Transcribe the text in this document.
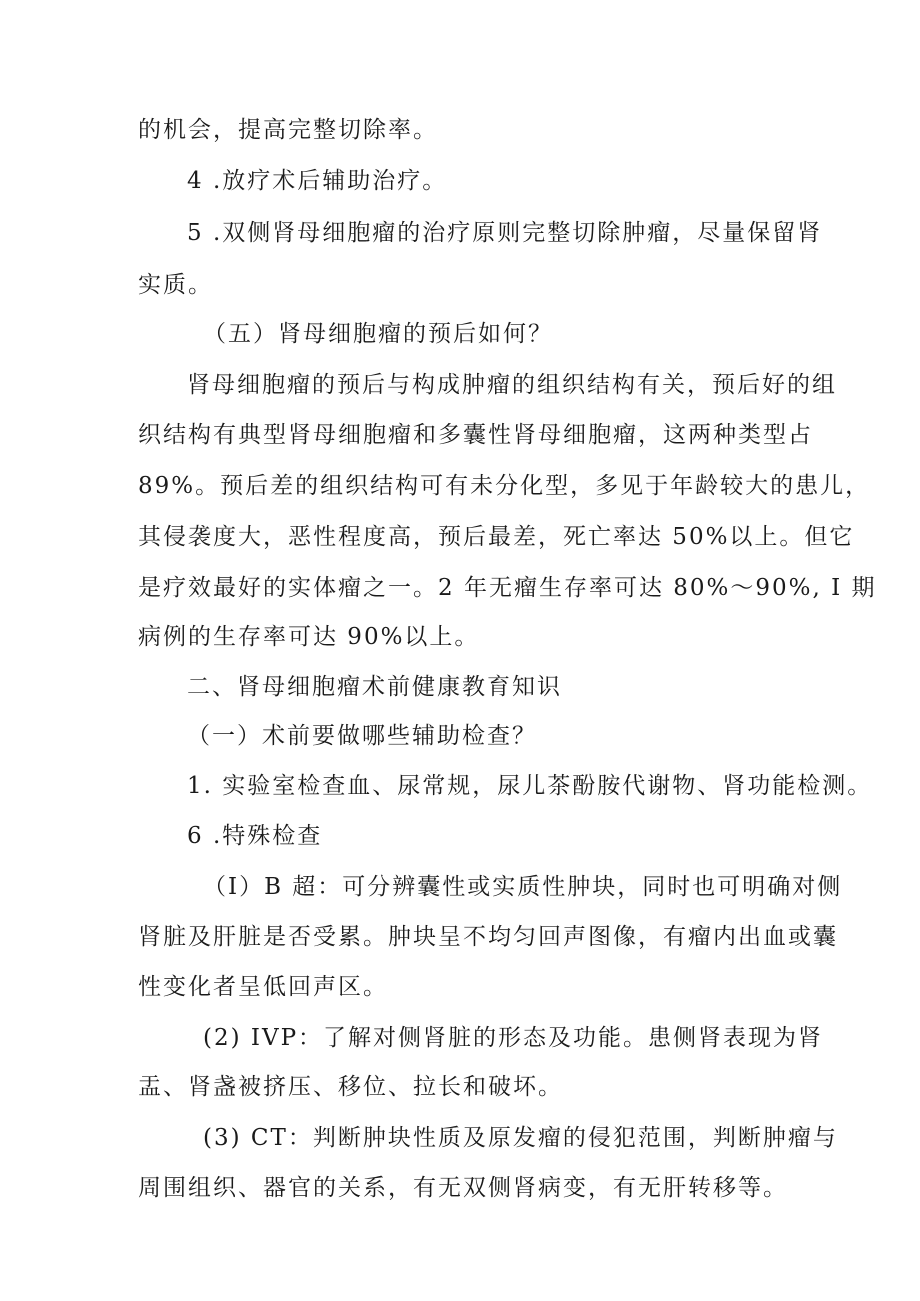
的机会，提高完整切除率。
4 .放疗术后辅助治疗。
5 .双侧肾母细胞瘤的治疗原则完整切除肿瘤，尽量保留肾
实质。
（五）肾母细胞瘤的预后如何？
肾母细胞瘤的预后与构成肿瘤的组织结构有关，预后好的组
织结构有典型肾母细胞瘤和多囊性肾母细胞瘤，这两种类型占
89%。预后差的组织结构可有未分化型，多见于年龄较大的患儿，
其侵袭度大，恶性程度高，预后最差，死亡率达 50%以上。但它
是疗效最好的实体瘤之一。2 年无瘤生存率可达 80%～90%, I 期
病例的生存率可达 90%以上。
二、肾母细胞瘤术前健康教育知识
（一）术前要做哪些辅助检查？
1. 实验室检查血、尿常规，尿儿茶酚胺代谢物、肾功能检测。
6 .特殊检查
（I）B 超：可分辨囊性或实质性肿块，同时也可明确对侧
肾脏及肝脏是否受累。肿块呈不均匀回声图像，有瘤内出血或囊
性变化者呈低回声区。
(2) IVP：了解对侧肾脏的形态及功能。患侧肾表现为肾
盂、肾盏被挤压、移位、拉长和破坏。
(3) CT：判断肿块性质及原发瘤的侵犯范围，判断肿瘤与
周围组织、器官的关系，有无双侧肾病变，有无肝转移等。
